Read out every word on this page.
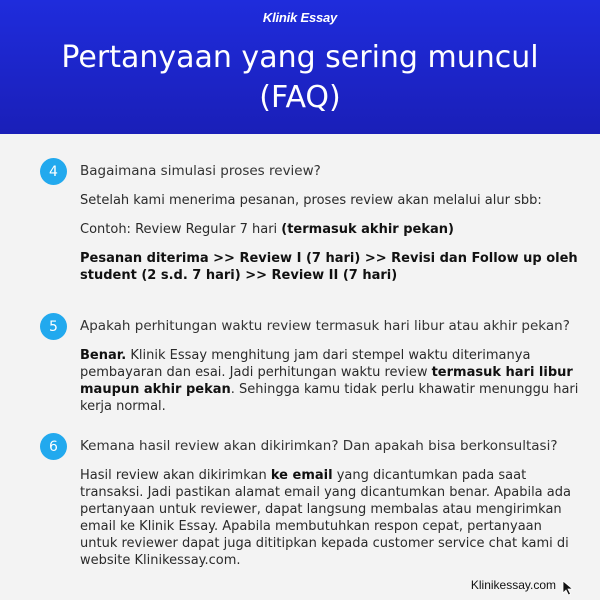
Klinik Essay
Pertanyaan yang sering muncul
(FAQ)
4	Bagaimana simulasi proses review?

Setelah kami menerima pesanan, proses review akan melalui alur sbb:

Contoh: Review Regular 7 hari (termasuk akhir pekan)

Pesanan diterima >> Review I (7 hari) >> Revisi dan Follow up oleh student (2 s.d. 7 hari) >> Review II (7 hari)

5	Apakah perhitungan waktu review termasuk hari libur atau akhir pekan?

Benar. Klinik Essay menghitung jam dari stempel waktu diterimanya pembayaran dan esai. Jadi perhitungan waktu review termasuk hari libur maupun akhir pekan. Sehingga kamu tidak perlu khawatir menunggu hari kerja normal.

6	Kemana hasil review akan dikirimkan? Dan apakah bisa berkonsultasi?

Hasil review akan dikirimkan ke email yang dicantumkan pada saat transaksi. Jadi pastikan alamat email yang dicantumkan benar. Apabila ada pertanyaan untuk reviewer, dapat langsung membalas atau mengirimkan email ke Klinik Essay. Apabila membutuhkan respon cepat, pertanyaan untuk reviewer dapat juga dititipkan kepada customer service chat kami di website Klinikessay.com.

Klinikessay.com
